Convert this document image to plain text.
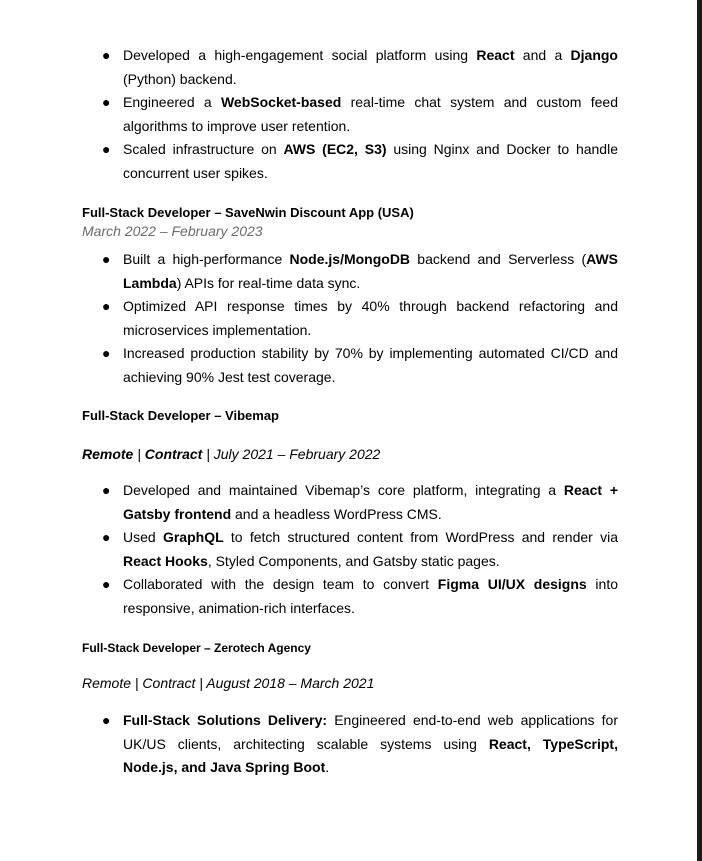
● Developed a high-engagement social platform using React and a Django (Python) backend.
● Engineered a WebSocket-based real-time chat system and custom feed algorithms to improve user retention.
● Scaled infrastructure on AWS (EC2, S3) using Nginx and Docker to handle concurrent user spikes.
Full-Stack Developer – SaveNwin Discount App (USA)
March 2022 – February 2023
● Built a high-performance Node.js/MongoDB backend and Serverless (AWS Lambda) APIs for real-time data sync.
● Optimized API response times by 40% through backend refactoring and microservices implementation.
● Increased production stability by 70% by implementing automated CI/CD and achieving 90% Jest test coverage.
Full-Stack Developer – Vibemap
Remote | Contract | July 2021 – February 2022
● Developed and maintained Vibemap’s core platform, integrating a React + Gatsby frontend and a headless WordPress CMS.
● Used GraphQL to fetch structured content from WordPress and render via React Hooks, Styled Components, and Gatsby static pages.
● Collaborated with the design team to convert Figma UI/UX designs into responsive, animation-rich interfaces.
Full-Stack Developer – Zerotech Agency
Remote | Contract | August 2018 – March 2021
● Full-Stack Solutions Delivery: Engineered end-to-end web applications for UK/US clients, architecting scalable systems using React, TypeScript, Node.js, and Java Spring Boot.
